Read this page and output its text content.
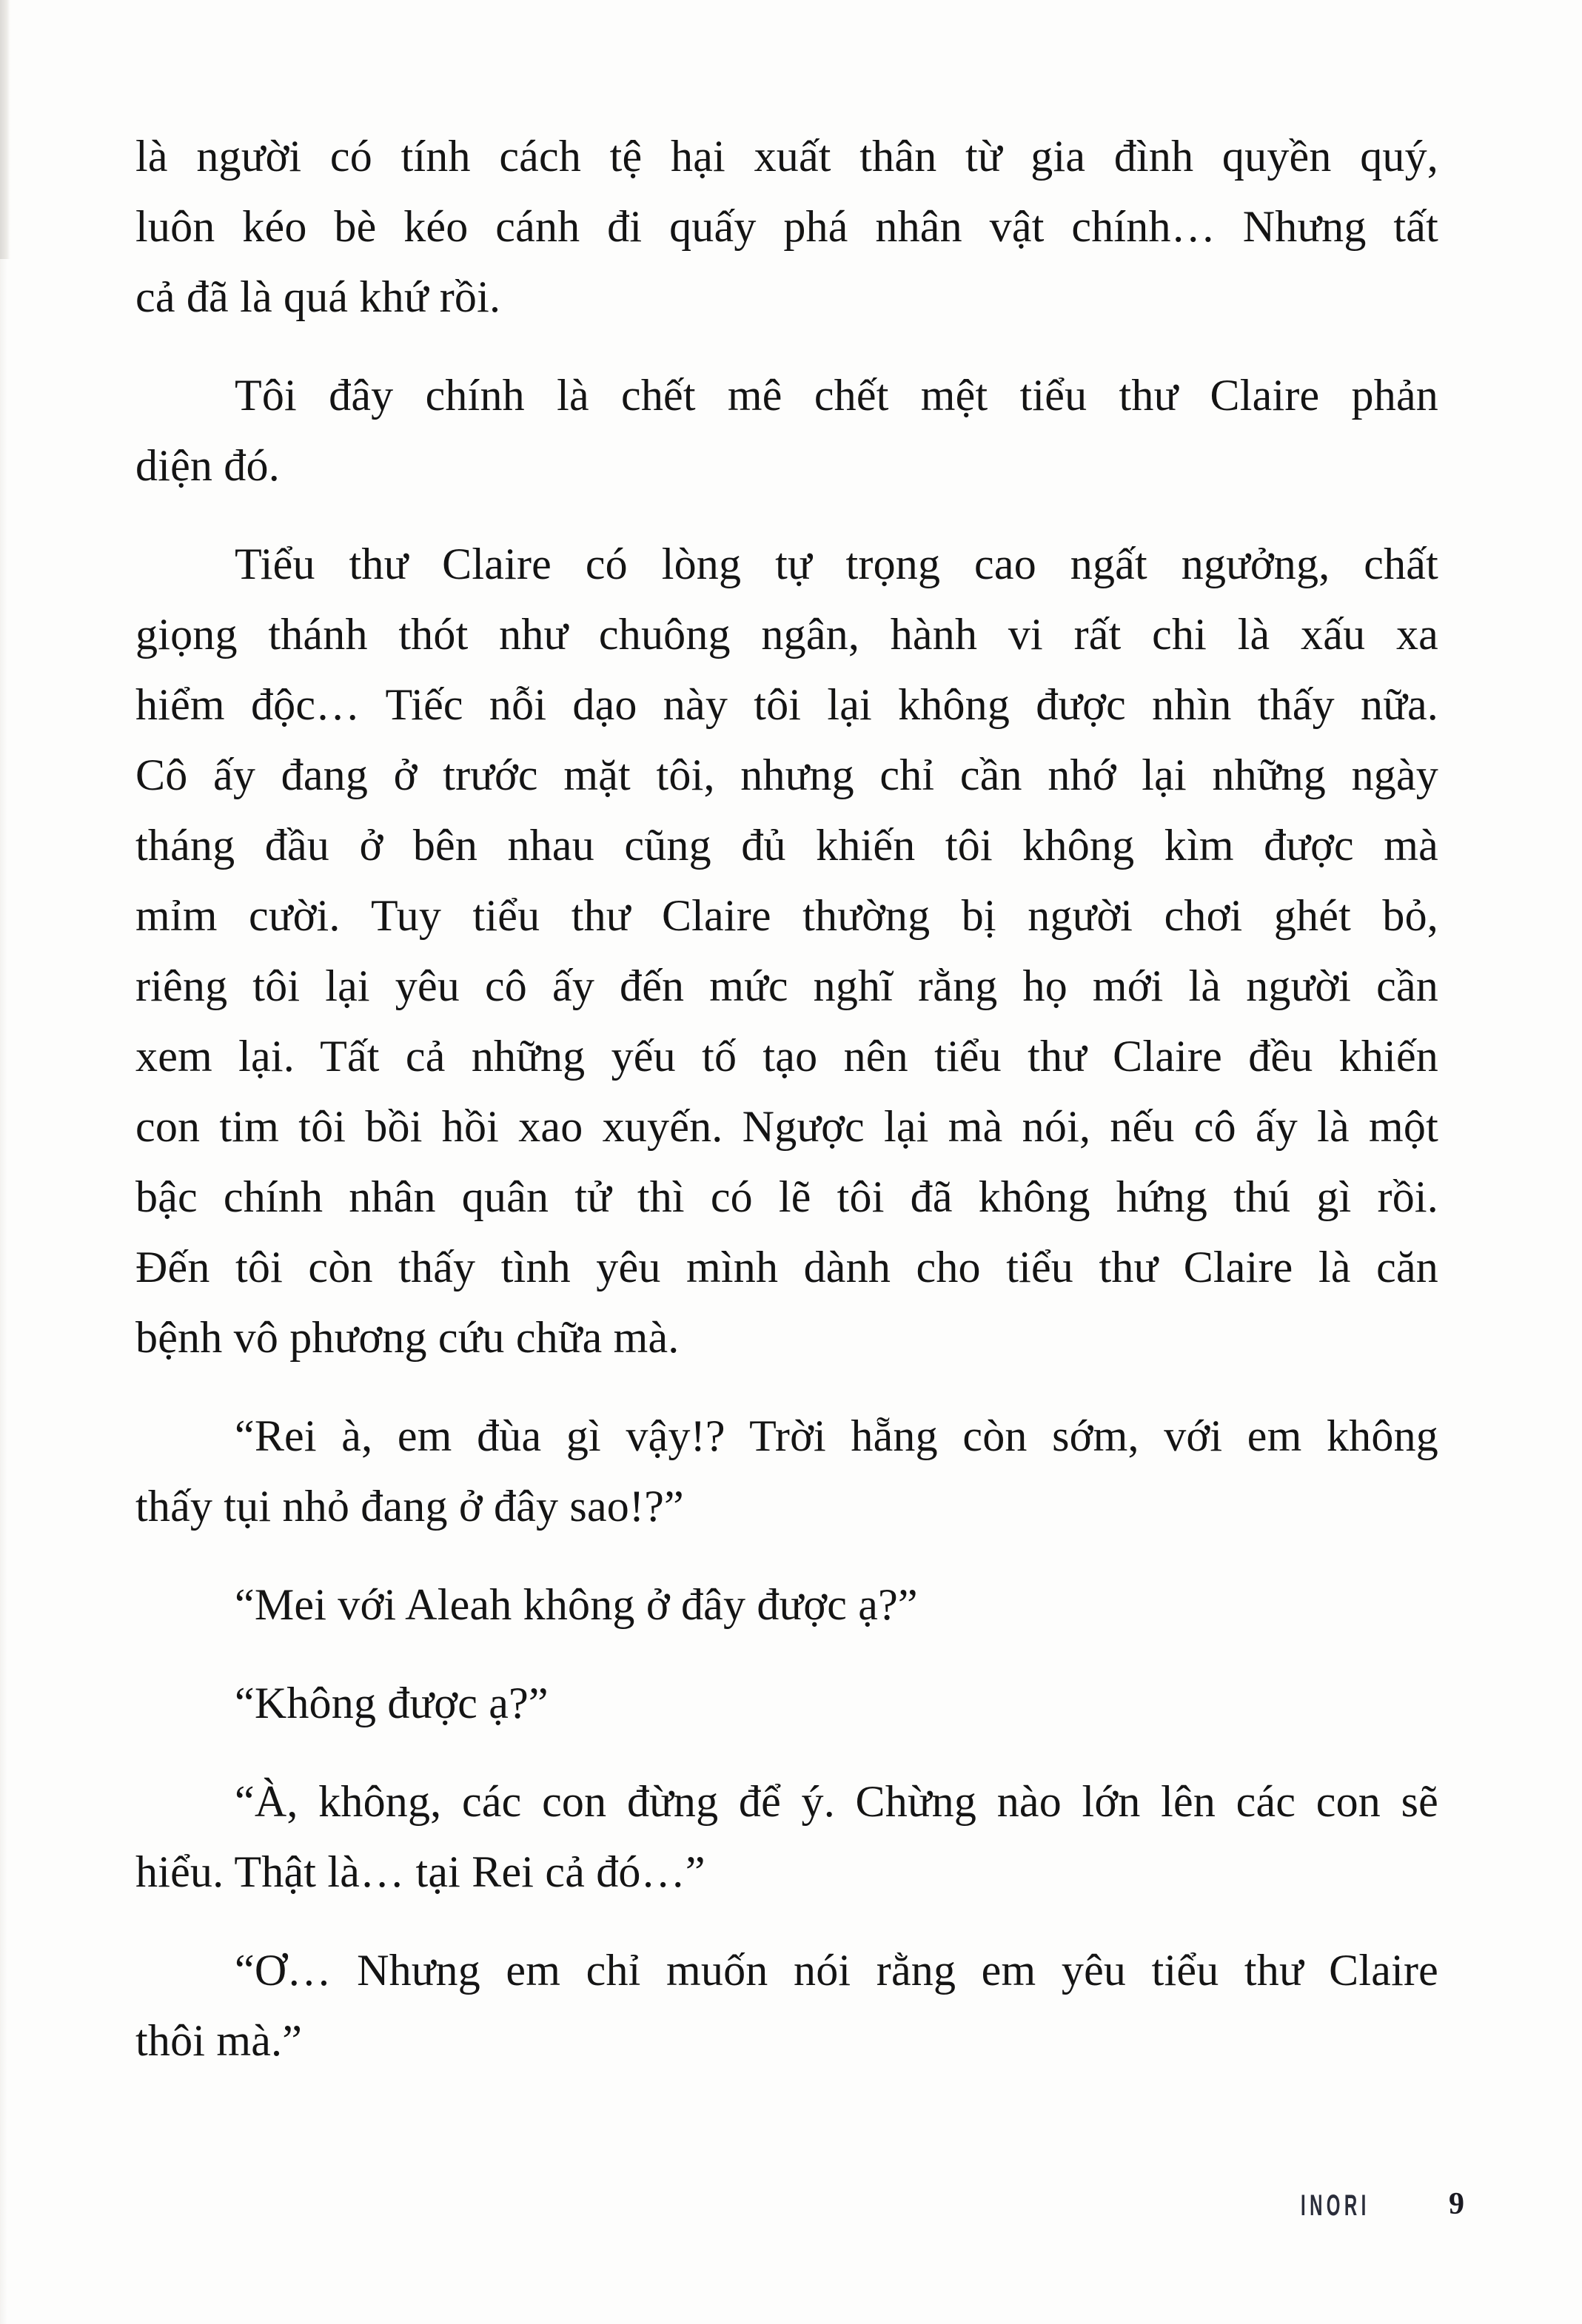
là người có tính cách tệ hại xuất thân từ gia đình quyền quý,
luôn kéo bè kéo cánh đi quấy phá nhân vật chính… Nhưng tất
cả đã là quá khứ rồi.

Tôi đây chính là chết mê chết mệt tiểu thư Claire phản
diện đó.

Tiểu thư Claire có lòng tự trọng cao ngất ngưởng, chất
giọng thánh thót như chuông ngân, hành vi rất chi là xấu xa
hiểm độc… Tiếc nỗi dạo này tôi lại không được nhìn thấy nữa.
Cô ấy đang ở trước mặt tôi, nhưng chỉ cần nhớ lại những ngày
tháng đầu ở bên nhau cũng đủ khiến tôi không kìm được mà
mỉm cười. Tuy tiểu thư Claire thường bị người chơi ghét bỏ,
riêng tôi lại yêu cô ấy đến mức nghĩ rằng họ mới là người cần
xem lại. Tất cả những yếu tố tạo nên tiểu thư Claire đều khiến
con tim tôi bồi hồi xao xuyến. Ngược lại mà nói, nếu cô ấy là một
bậc chính nhân quân tử thì có lẽ tôi đã không hứng thú gì rồi.
Đến tôi còn thấy tình yêu mình dành cho tiểu thư Claire là căn
bệnh vô phương cứu chữa mà.

“Rei à, em đùa gì vậy!? Trời hẵng còn sớm, với em không
thấy tụi nhỏ đang ở đây sao!?”

“Mei với Aleah không ở đây được ạ?”

“Không được ạ?”

“À, không, các con đừng để ý. Chừng nào lớn lên các con sẽ
hiểu. Thật là… tại Rei cả đó…”

“Ơ… Nhưng em chỉ muốn nói rằng em yêu tiểu thư Claire
thôi mà.”

INORI	9
